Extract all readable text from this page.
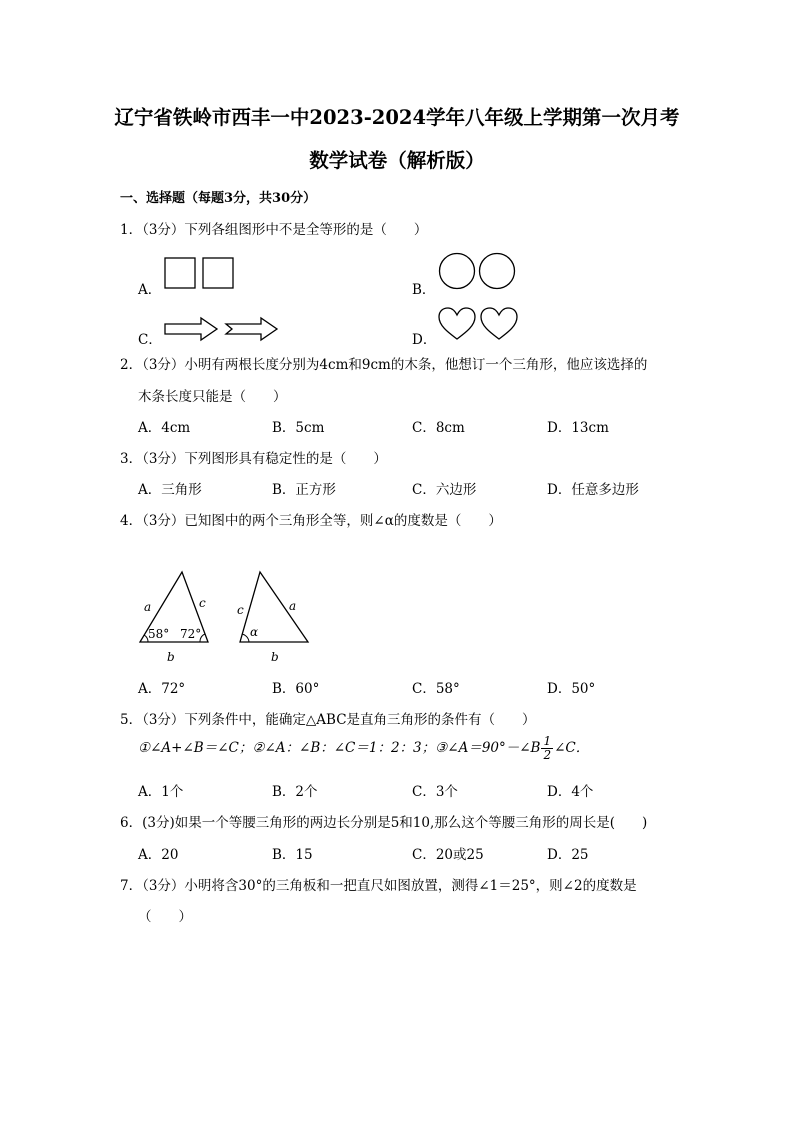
辽宁省铁岭市西丰一中2023-2024学年八年级上学期第一次月考
数学试卷（解析版）
一、选择题（每题3分，共30分）
1．（3分）下列各组图形中不是全等形的是（　　）
A．	B．
C．	D．
2．（3分）小明有两根长度分别为4cm和9cm的木条，他想订一个三角形，他应该选择的
木条长度只能是（　　）
A．4cm	B．5cm	C．8cm	D．13cm
3．（3分）下列图形具有稳定性的是（　　）
A．三角形	B．正方形	C．六边形	D．任意多边形
4．（3分）已知图中的两个三角形全等，则∠α的度数是（　　）
a	c
b
58° 72°
c	a
b
α
A．72°	B．60°	C．58°	D．50°
5．（3分）下列条件中，能确定△ABC是直角三角形的条件有（　　）
①∠A+∠B＝∠C；②∠A：∠B：∠C＝1：2：3；③∠A＝90°－∠B $\frac{1}{2}$ ∠C．
A．1个	B．2个	C．3个	D．4个
6．(3分)如果一个等腰三角形的两边长分别是5和10,那么这个等腰三角形的周长是(　　)
A．20	B．15	C．20或25	D．25
7．（3分）小明将含30°的三角板和一把直尺如图放置，测得∠1＝25°，则∠2的度数是
（　　）
